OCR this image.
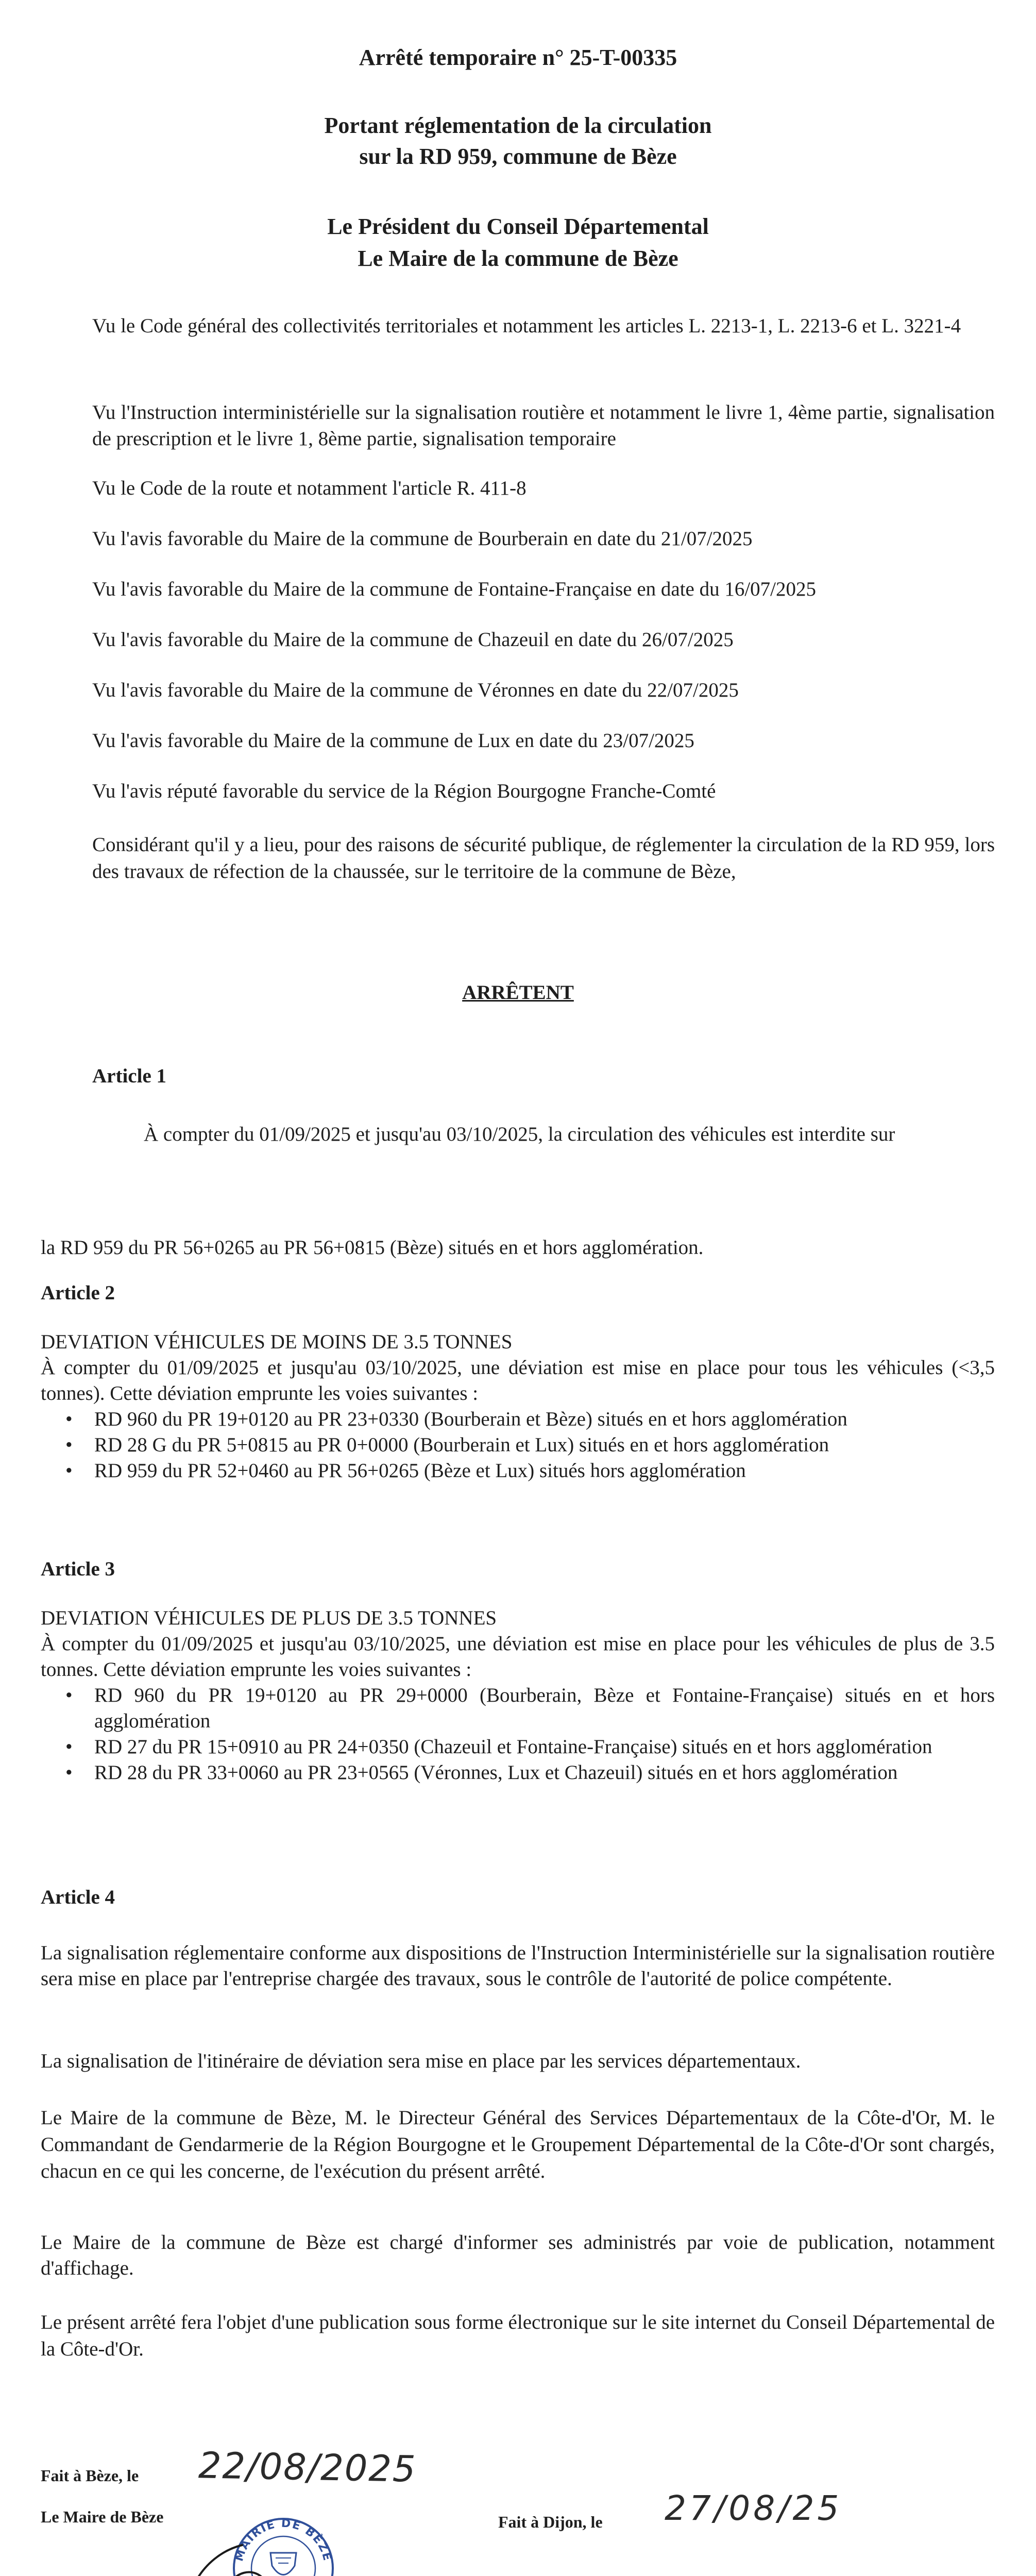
Arrêté temporaire n° 25-T-00335
Portant réglementation de la circulation
sur la RD 959, commune de Bèze
Le Président du Conseil Départemental
Le Maire de la commune de Bèze
Vu le Code général des collectivités territoriales et notamment les articles L. 2213-1, L. 2213-6 et L. 3221-4
Vu l'Instruction interministérielle sur la signalisation routière et notamment le livre 1, 4ème partie, signalisation de prescription et le livre 1, 8ème partie, signalisation temporaire
Vu le Code de la route et notamment l'article R. 411-8
Vu l'avis favorable du Maire de la commune de Bourberain en date du 21/07/2025
Vu l'avis favorable du Maire de la commune de Fontaine-Française en date du 16/07/2025
Vu l'avis favorable du Maire de la commune de Chazeuil en date du 26/07/2025
Vu l'avis favorable du Maire de la commune de Véronnes en date du 22/07/2025
Vu l'avis favorable du Maire de la commune de Lux en date du 23/07/2025
Vu l'avis réputé favorable du service de la Région Bourgogne Franche-Comté
Considérant qu'il y a lieu, pour des raisons de sécurité publique, de réglementer la circulation de la RD 959, lors des travaux de réfection de la chaussée, sur le territoire de la commune de Bèze,
ARRÊTENT
Article 1
À compter du 01/09/2025 et jusqu'au 03/10/2025, la circulation des véhicules est interdite sur
la RD 959 du PR 56+0265 au PR 56+0815 (Bèze) situés en et hors agglomération.
Article 2
DEVIATION VÉHICULES DE MOINS DE 3.5 TONNES
À compter du 01/09/2025 et jusqu'au 03/10/2025, une déviation est mise en place pour tous les véhicules (<3,5 tonnes). Cette déviation emprunte les voies suivantes :
• RD 960 du PR 19+0120 au PR 23+0330 (Bourberain et Bèze) situés en et hors agglomération
• RD 28 G du PR 5+0815 au PR 0+0000 (Bourberain et Lux) situés en et hors agglomération
• RD 959 du PR 52+0460 au PR 56+0265 (Bèze et Lux) situés hors agglomération
Article 3
DEVIATION VÉHICULES DE PLUS DE 3.5 TONNES
À compter du 01/09/2025 et jusqu'au 03/10/2025, une déviation est mise en place pour les véhicules de plus de 3.5 tonnes. Cette déviation emprunte les voies suivantes :
• RD 960 du PR 19+0120 au PR 29+0000 (Bourberain, Bèze et Fontaine-Française) situés en et hors agglomération
• RD 27 du PR 15+0910 au PR 24+0350 (Chazeuil et Fontaine-Française) situés en et hors agglomération
• RD 28 du PR 33+0060 au PR 23+0565 (Véronnes, Lux et Chazeuil) situés en et hors agglomération
Article 4
La signalisation réglementaire conforme aux dispositions de l'Instruction Interministérielle sur la signalisation routière sera mise en place par l'entreprise chargée des travaux, sous le contrôle de l'autorité de police compétente.
La signalisation de l'itinéraire de déviation sera mise en place par les services départementaux.
Le Maire de la commune de Bèze, M. le Directeur Général des Services Départementaux de la Côte-d'Or, M. le Commandant de Gendarmerie de la Région Bourgogne et le Groupement Départemental de la Côte-d'Or sont chargés, chacun en ce qui les concerne, de l'exécution du présent arrêté.
Le Maire de la commune de Bèze est chargé d'informer ses administrés par voie de publication, notamment d'affichage.
Le présent arrêté fera l'objet d'une publication sous forme électronique sur le site internet du Conseil Départemental de la Côte-d'Or.
Fait à Bèze, le 22/08/2025
Le Maire de Bèze
MAIRIE DE BÈZE
Fait à Dijon, le 27/08/25
